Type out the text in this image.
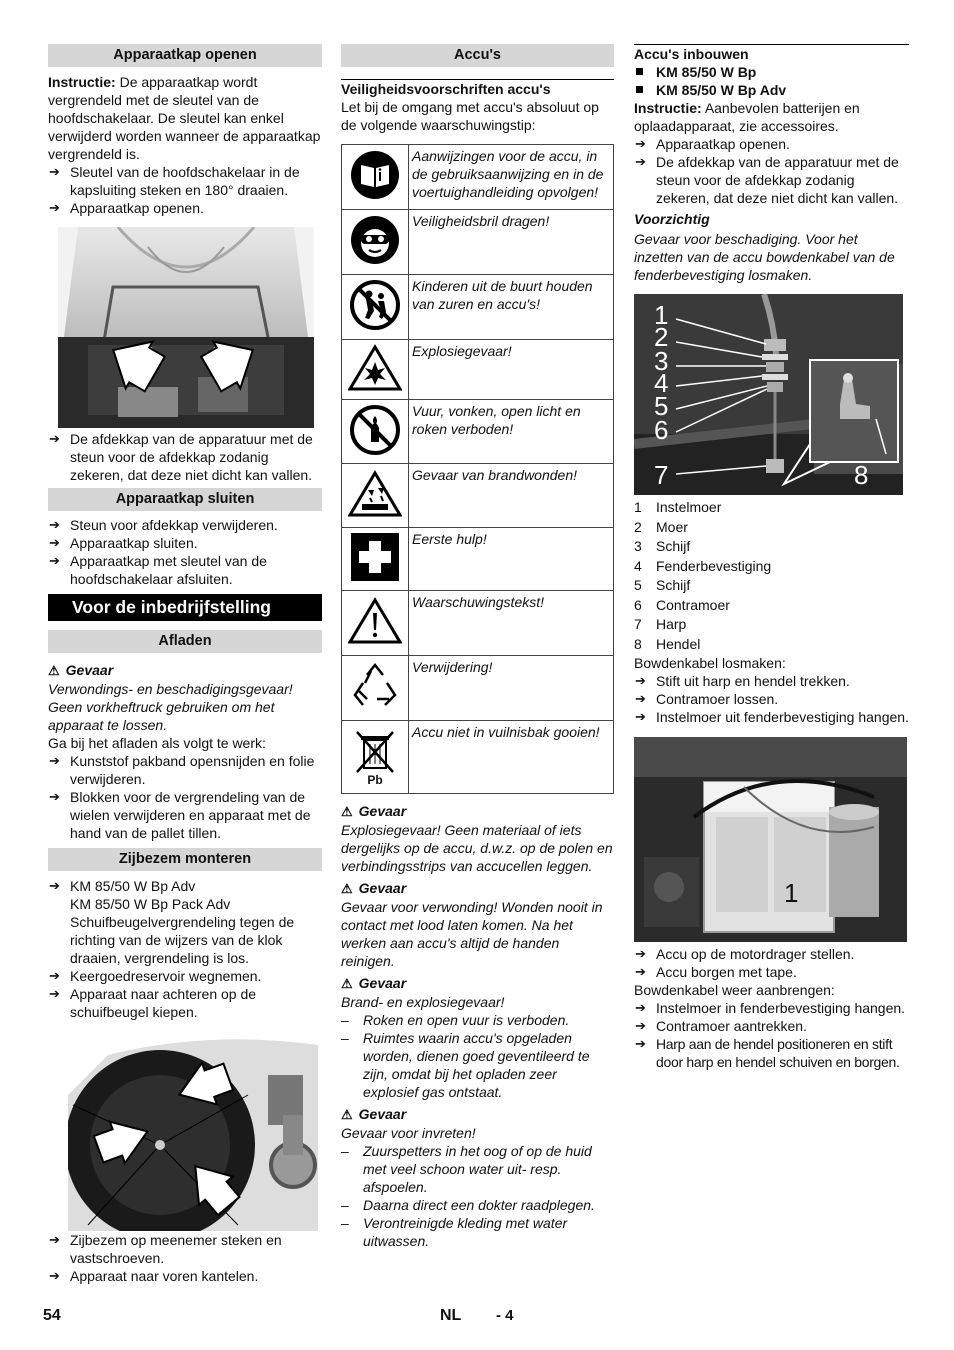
Apparaatkap openen

Instructie: De apparaatkap wordt vergrendeld met de sleutel van de hoofdschakelaar. De sleutel kan enkel verwijderd worden wanneer de apparaatkap vergrendeld is.

➔ Sleutel van de hoofdschakelaar in de kapsluiting steken en 180° draaien.

➔ Apparaatkap openen.

➔ De afdekkap van de apparatuur met de steun voor de afdekkap zodanig zekeren, dat deze niet dicht kan vallen.

Apparaatkap sluiten

➔ Steun voor afdekkap verwijderen.

➔ Apparaatkap sluiten.

➔ Apparaatkap met sleutel van de hoofdschakelaar afsluiten.

Voor de inbedrijfstelling
Afladen

⚠ Gevaar

Verwondings- en beschadigingsgevaar! Geen vorkheftruck gebruiken om het apparaat te lossen.

Ga bij het afladen als volgt te werk:

➔ Kunststof pakband opensnijden en folie verwijderen.

➔ Blokken voor de vergrendeling van de wielen verwijderen en apparaat met de hand van de pallet tillen.

Zijbezem monteren
➔ KM 85/50 W Bp Adv
KM 85/50 W Bp Pack Adv
Schuifbeugelvergrendeling tegen de richting van de wijzers van de klok draaien, vergrendeling is los.

➔ Keergoedreservoir wegnemen.

➔ Apparaat naar achteren op de schuifbeugel kiepen.

➔ Zijbezem op meenemer steken en vastschroeven.

➔ Apparaat naar voren kantelen.

Accu's

Veiligheidsvoorschriften accu's

Let bij de omgang met accu's absoluut op de volgende waarschuwingstip:

	Aanwijzingen voor de accu, in de gebruiksaanwijzing en in de voertuighandleiding opvolgen!
	Veiligheidsbril dragen!
	Kinderen uit de buurt houden van zuren en accu's!
	Explosiegevaar!
	Vuur, vonken, open licht en roken verboden!
	Gevaar van brandwonden!
	Eerste hulp!
	Waarschuwingstekst!
	Verwijdering!

Pb	Accu niet in vuilnisbak gooien!

⚠ Gevaar

Explosiegevaar! Geen materiaal of iets dergelijks op de accu, d.w.z. op de polen en verbindingsstrips van accucellen leggen.

⚠ Gevaar

Gevaar voor verwonding! Wonden nooit in contact met lood laten komen. Na het werken aan accu's altijd de handen reinigen.

⚠ Gevaar

Brand- en explosiegevaar!

– Roken en open vuur is verboden.

– Ruimtes waarin accu's opgeladen worden, dienen goed geventileerd te zijn, omdat bij het opladen zeer explosief gas ontstaat.

⚠ Gevaar

Gevaar voor invreten!

– Zuurspetters in het oog of op de huid met veel schoon water uit- resp. afspoelen.

– Daarna direct een dokter raadplegen.

– Verontreinigde kleding met water uitwassen.

Accu's inbouwen

KM 85/50 W Bp

KM 85/50 W Bp Adv

Instructie: Aanbevolen batterijen en oplaadapparaat, zie accessoires.

➔ Apparaatkap openen.

➔ De afdekkap van de apparatuur met de steun voor de afdekkap zodanig zekeren, dat deze niet dicht kan vallen.

Voorzichtig

Gevaar voor beschadiging. Voor het inzetten van de accu bowdenkabel van de fenderbevestiging losmaken.

1
2
3
4
5
6
7	8
1 Instelmoer
2 Moer
3 Schijf
4 Fenderbevestiging
5 Schijf
6 Contramoer
7 Harp
8 Hendel

Bowdenkabel losmaken:

➔ Stift uit harp en hendel trekken.

➔ Contramoer lossen.

➔ Instelmoer uit fenderbevestiging hangen.

1

➔ Accu op de motordrager stellen.

➔ Accu borgen met tape.

Bowdenkabel weer aanbrengen:

➔ Instelmoer in fenderbevestiging hangen.

➔ Contramoer aantrekken.

➔ Harp aan de hendel positioneren en stift door harp en hendel schuiven en borgen.

54	NL - 4
